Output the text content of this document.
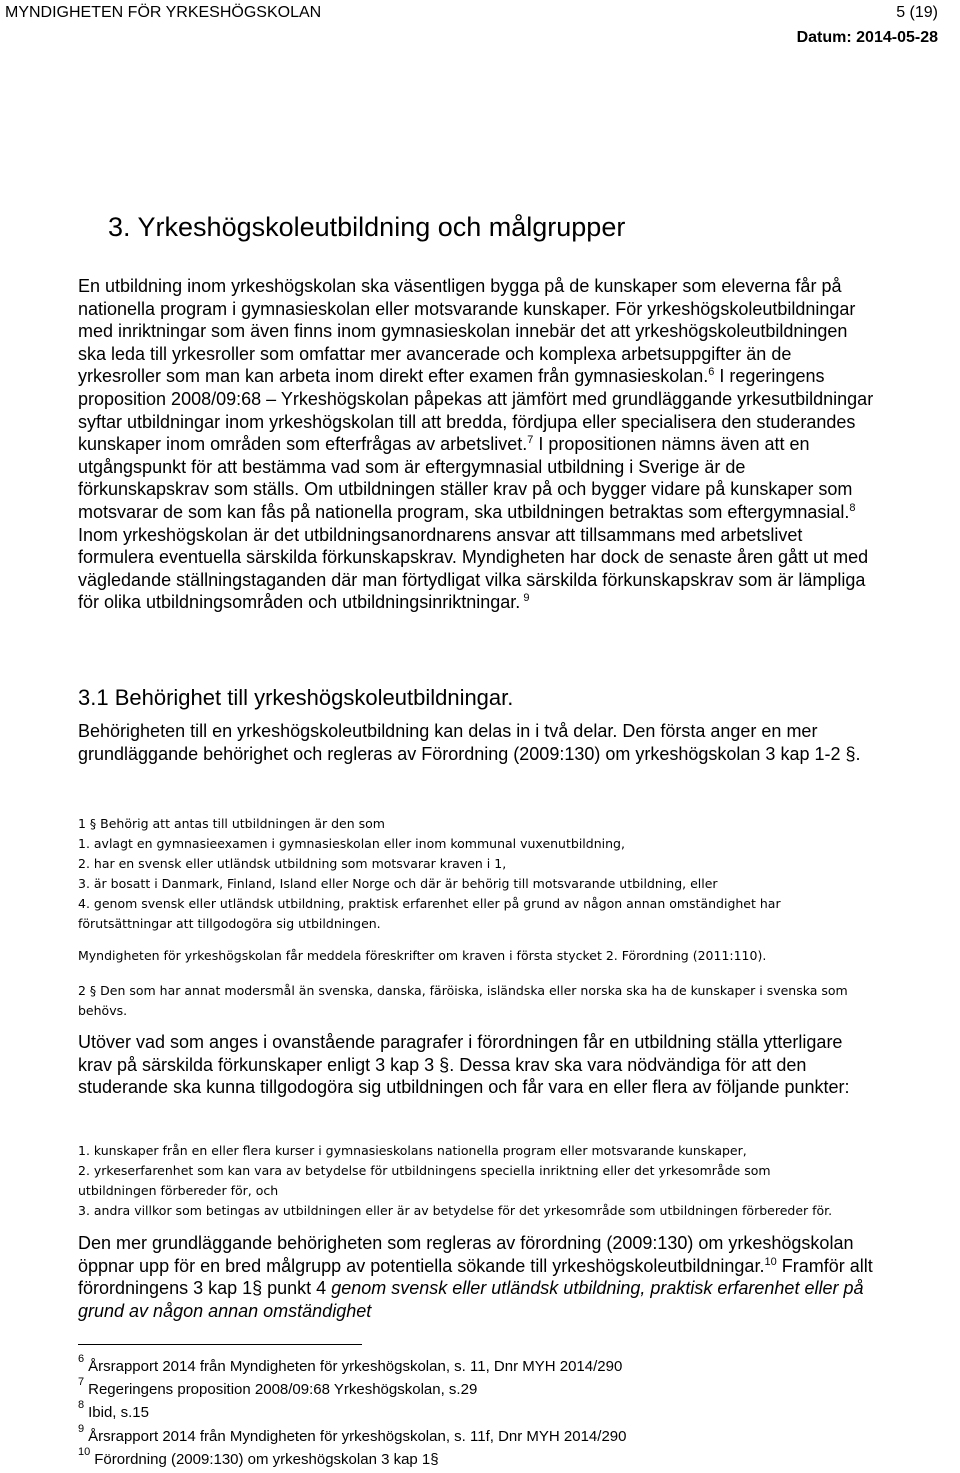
MYNDIGHETEN FÖR YRKESHÖGSKOLAN	5 (19)
Datum: 2014-05-28
3. Yrkeshögskoleutbildning och målgrupper

En utbildning inom yrkeshögskolan ska väsentligen bygga på de kunskaper som eleverna får på nationella program i gymnasieskolan eller motsvarande kunskaper. För yrkeshögskoleutbildningar med inriktningar som även finns inom gymnasieskolan innebär det att yrkeshögskoleutbildningen ska leda till yrkesroller som omfattar mer avancerade och komplexa arbetsuppgifter än de yrkesroller som man kan arbeta inom direkt efter examen från gymnasieskolan.$^6$ I regeringens proposition 2008/09:68 – Yrkeshögskolan påpekas att jämfört med grundläggande yrkesutbildningar syftar utbildningar inom yrkeshögskolan till att bredda, fördjupa eller specialisera den studerandes kunskaper inom områden som efterfrågas av arbetslivet.$^7$ I propositionen nämns även att en utgångspunkt för att bestämma vad som är eftergymnasial utbildning i Sverige är de förkunskapskrav som ställs. Om utbildningen ställer krav på och bygger vidare på kunskaper som motsvarar de som kan fås på nationella program, ska utbildningen betraktas som eftergymnasial.$^8$ Inom yrkeshögskolan är det utbildningsanordnarens ansvar att tillsammans med arbetslivet formulera eventuella särskilda förkunskapskrav. Myndigheten har dock de senaste åren gått ut med vägledande ställningstaganden där man förtydligat vilka särskilda förkunskapskrav som är lämpliga för olika utbildningsområden och utbildningsinriktningar. $^9$

3.1 Behörighet till yrkeshögskoleutbildningar.

Behörigheten till en yrkeshögskoleutbildning kan delas in i två delar. Den första anger en mer grundläggande behörighet och regleras av Förordning (2009:130) om yrkeshögskolan 3 kap 1-2 §.

1 § Behörig att antas till utbildningen är den som
1. avlagt en gymnasieexamen i gymnasieskolan eller inom kommunal vuxenutbildning,
2. har en svensk eller utländsk utbildning som motsvarar kraven i 1,
3. är bosatt i Danmark, Finland, Island eller Norge och där är behörig till motsvarande utbildning, eller
4. genom svensk eller utländsk utbildning, praktisk erfarenhet eller på grund av någon annan omständighet har
förutsättningar att tillgodogöra sig utbildningen.
Myndigheten för yrkeshögskolan får meddela föreskrifter om kraven i första stycket 2. Förordning (2011:110).
2 § Den som har annat modersmål än svenska, danska, färöiska, isländska eller norska ska ha de kunskaper i svenska som
behövs.

Utöver vad som anges i ovanstående paragrafer i förordningen får en utbildning ställa ytterligare krav på särskilda förkunskaper enligt 3 kap 3 §. Dessa krav ska vara nödvändiga för att den studerande ska kunna tillgodogöra sig utbildningen och får vara en eller flera av följande punkter:

1. kunskaper från en eller flera kurser i gymnasieskolans nationella program eller motsvarande kunskaper,
2. yrkeserfarenhet som kan vara av betydelse för utbildningens speciella inriktning eller det yrkesområde som
utbildningen förbereder för, och
3. andra villkor som betingas av utbildningen eller är av betydelse för det yrkesområde som utbildningen förbereder för.

Den mer grundläggande behörigheten som regleras av förordning (2009:130) om yrkeshögskolan öppnar upp för en bred målgrupp av potentiella sökande till yrkeshögskoleutbildningar.$^{10}$ Framför allt förordningens 3 kap 1§ punkt 4 genom svensk eller utländsk utbildning, praktisk erfarenhet eller på grund av någon annan omständighet

$^6$ Årsrapport 2014 från Myndigheten för yrkeshögskolan, s. 11, Dnr MYH 2014/290
$^7$ Regeringens proposition 2008/09:68 Yrkeshögskolan, s.29
$^8$ Ibid, s.15
$^9$ Årsrapport 2014 från Myndigheten för yrkeshögskolan, s. 11f, Dnr MYH 2014/290
$^{10}$ Förordning (2009:130) om yrkeshögskolan 3 kap 1§
